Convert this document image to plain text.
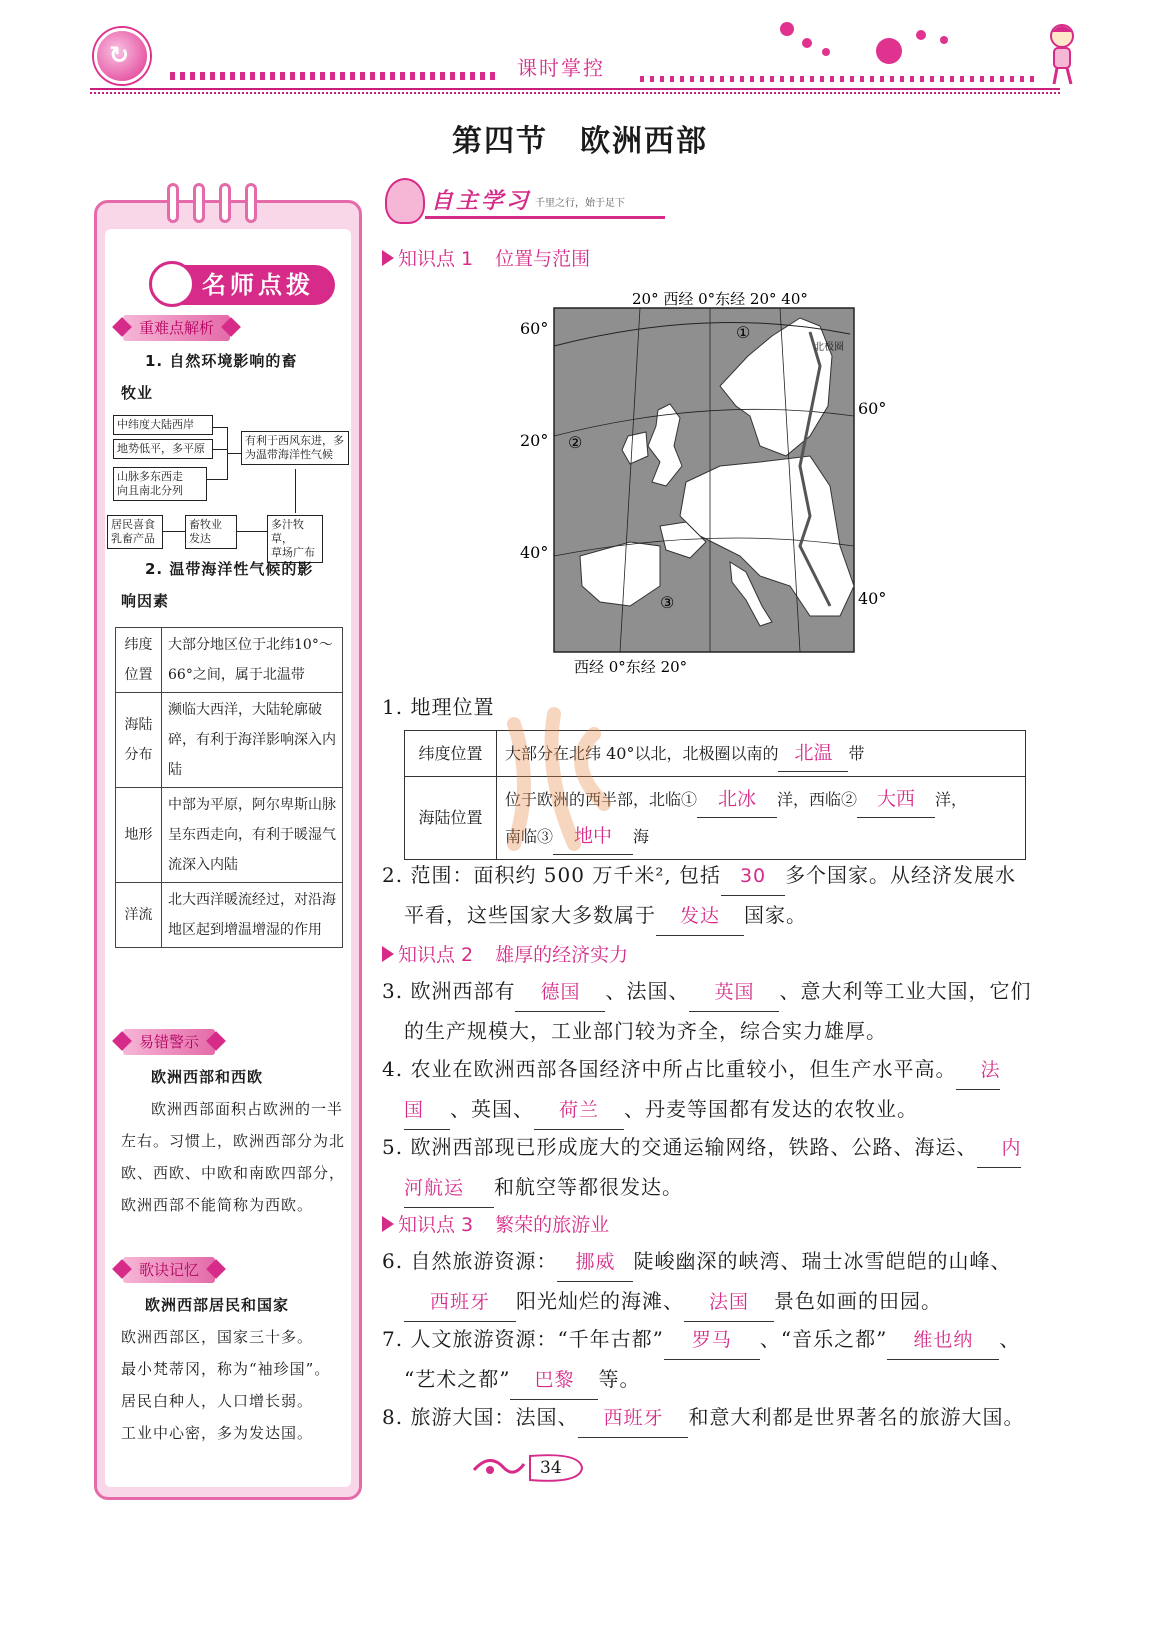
↻	课时掌控
第四节　欧洲西部
名师点拨
重难点解析
1. 自然环境影响的畜
牧业
中纬度大陆西岸
地势低平，多平原
山脉多东西走
向且南北分列
有利于西风东进，多
为温带海洋性气候
多汁牧草，
草场广布
畜牧业
发达
居民喜食
乳畜产品
2. 温带海洋性气候的影
响因素
纬度位置	大部分地区位于北纬10°～66°之间，属于北温带
海陆分布	濒临大西洋，大陆轮廓破碎，有利于海洋影响深入内陆
地形	中部为平原，阿尔卑斯山脉呈东西走向，有利于暖湿气流深入内陆
洋流	北大西洋暖流经过，对沿海地区起到增温增湿的作用
易错警示
欧洲西部和西欧
欧洲西部面积占欧洲的一半左右。习惯上，欧洲西部分为北欧、西欧、中欧和南欧四部分，欧洲西部不能简称为西欧。
歌诀记忆
欧洲西部居民和国家
欧洲西部区，国家三十多。
最小梵蒂冈，称为“袖珍国”。
居民白种人，人口增长弱。
工业中心密，多为发达国。
自主学习 千里之行，始于足下
知识点 1 位置与范围
20° 西经 0°东经 20° 40°
西经 0°东经 20°
60°
20°
40°
60°
40°
①
②
③
北极圈
1. 地理位置
纬度位置	大部分在北纬 40°以北，北极圈以南的 北温 带
海陆位置	位于欧洲的西半部，北临① 北冰 洋，西临② 大西 洋，
南临③ 地中 海
2. 范围：面积约 500 万千米², 包括 30 多个国家。从经济发展水
平看，这些国家大多数属于 发达 国家。
知识点 2 雄厚的经济实力
3. 欧洲西部有 德国 、法国、 英国 、意大利等工业大国，它们
的生产规模大，工业部门较为齐全，综合实力雄厚。
4. 农业在欧洲西部各国经济中所占比重较小，但生产水平高。 法
国 、英国、 荷兰 、丹麦等国都有发达的农牧业。
5. 欧洲西部现已形成庞大的交通运输网络，铁路、公路、海运、 内
河航运 和航空等都很发达。
知识点 3 繁荣的旅游业
6. 自然旅游资源： 挪威 陡峻幽深的峡湾、瑞士冰雪皑皑的山峰、
西班牙 阳光灿烂的海滩、 法国 景色如画的田园。
7. 人文旅游资源：“千年古都” 罗马 、“音乐之都” 维也纳 、
“艺术之都” 巴黎 等。
8. 旅游大国：法国、 西班牙 和意大利都是世界著名的旅游大国。
34
